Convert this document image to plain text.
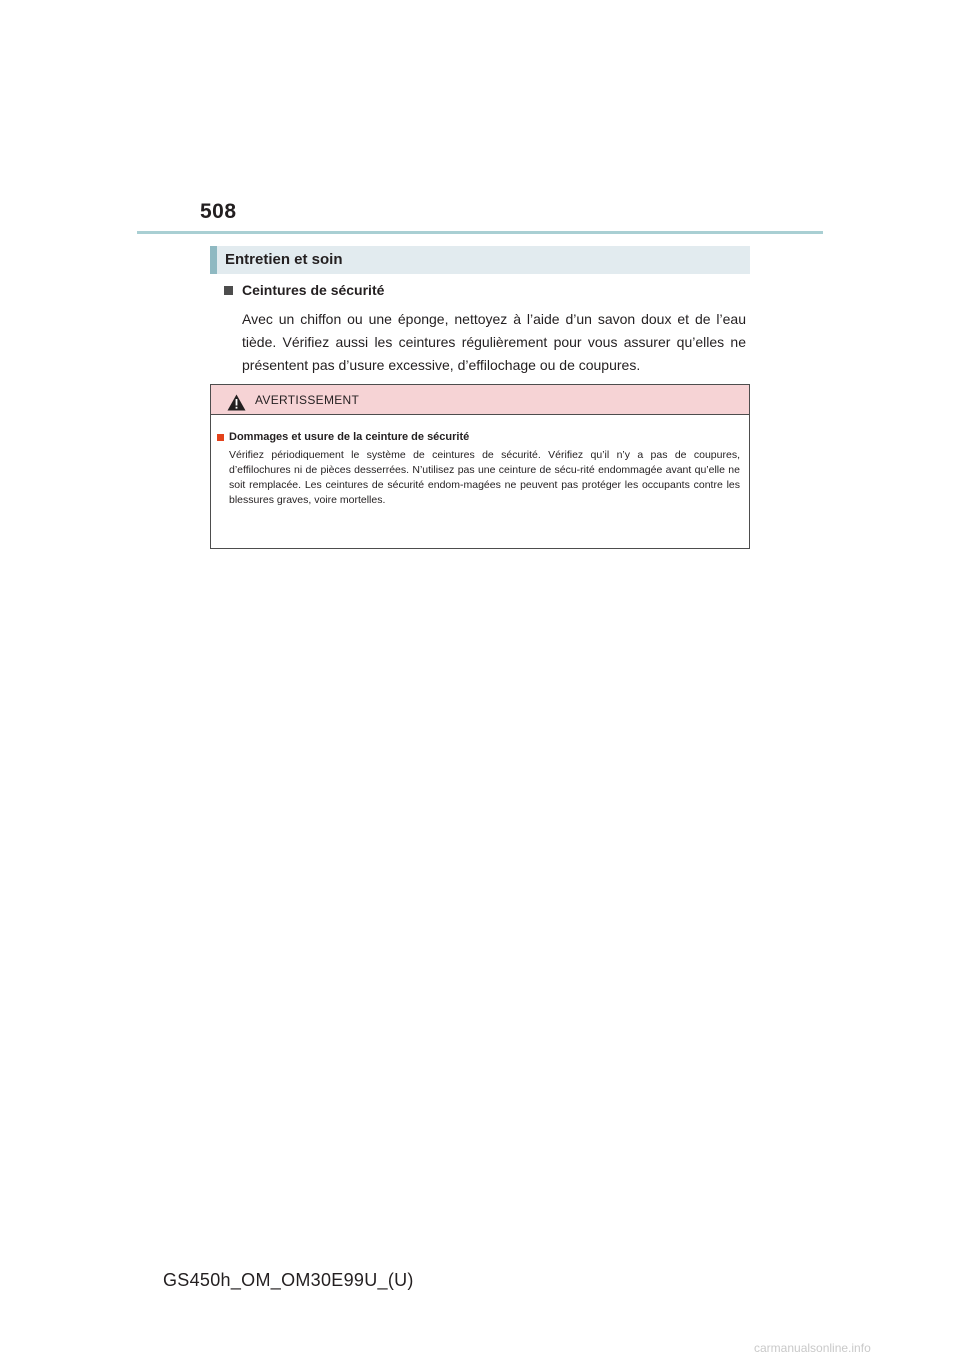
508
Entretien et soin
Ceintures de sécurité
Avec un chiffon ou une éponge, nettoyez à l’aide d’un savon doux et de l’eau tiède. Vérifiez aussi les ceintures régulièrement pour vous assurer qu’elles ne présentent pas d’usure excessive, d’effilochage ou de coupures.
AVERTISSEMENT
Dommages et usure de la ceinture de sécurité
Vérifiez périodiquement le système de ceintures de sécurité. Vérifiez qu’il n’y a pas de coupures, d’effilochures ni de pièces desserrées. N’utilisez pas une ceinture de sécu-rité endommagée avant qu’elle ne soit remplacée. Les ceintures de sécurité endom-magées ne peuvent pas protéger les occupants contre les blessures graves, voire mortelles.
GS450h_OM_OM30E99U_(U)
carmanualsonline.info
